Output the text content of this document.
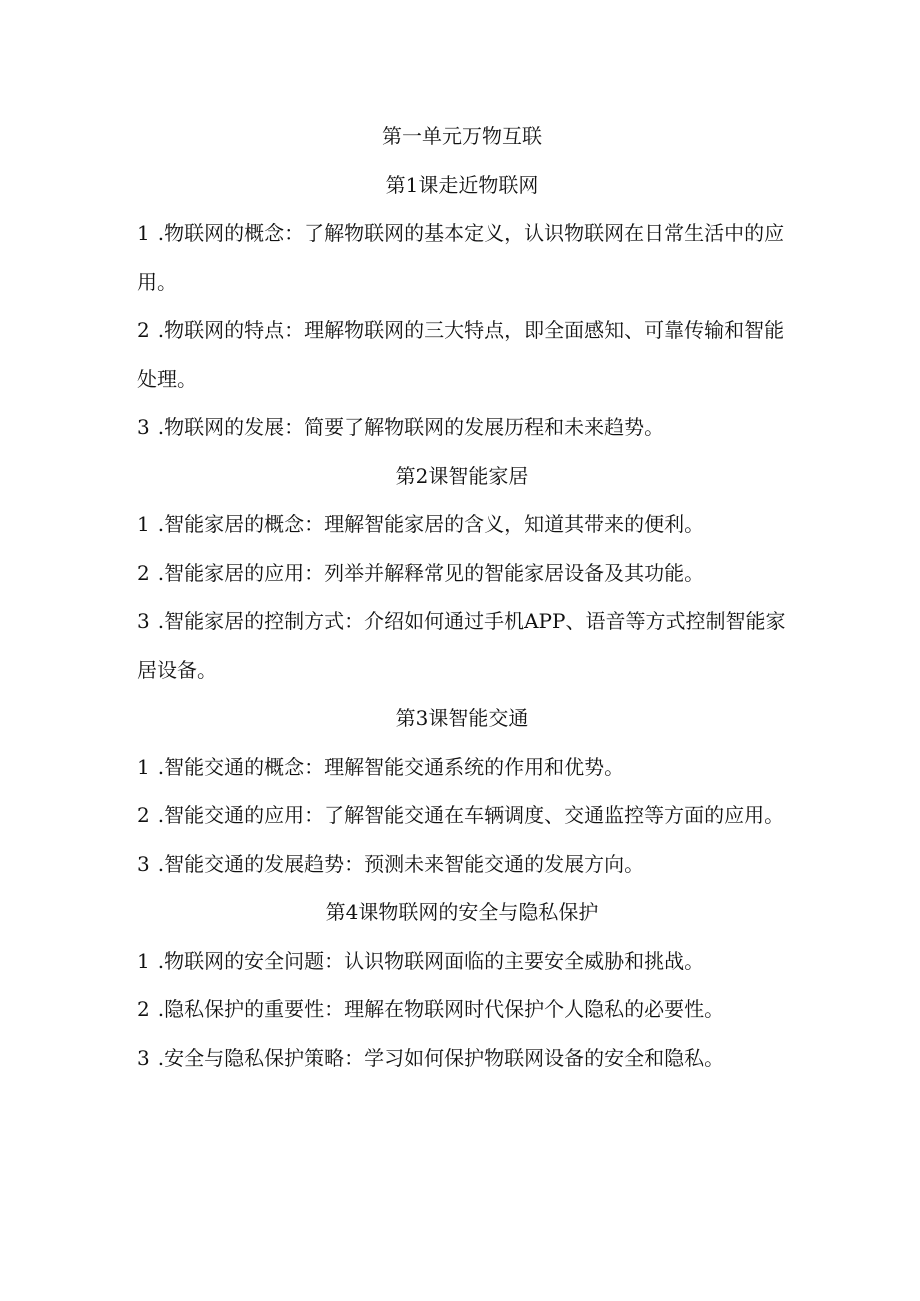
第一单元万物互联
第1课走近物联网
1 .物联网的概念：了解物联网的基本定义，认识物联网在日常生活中的应用。
2 .物联网的特点：理解物联网的三大特点，即全面感知、可靠传输和智能处理。
3 .物联网的发展：简要了解物联网的发展历程和未来趋势。
第2课智能家居
1 .智能家居的概念：理解智能家居的含义，知道其带来的便利。
2 .智能家居的应用：列举并解释常见的智能家居设备及其功能。
3 .智能家居的控制方式：介绍如何通过手机APP、语音等方式控制智能家居设备。
第3课智能交通
1 .智能交通的概念：理解智能交通系统的作用和优势。
2 .智能交通的应用：了解智能交通在车辆调度、交通监控等方面的应用。
3 .智能交通的发展趋势：预测未来智能交通的发展方向。
第4课物联网的安全与隐私保护
1 .物联网的安全问题：认识物联网面临的主要安全威胁和挑战。
2 .隐私保护的重要性：理解在物联网时代保护个人隐私的必要性。
3 .安全与隐私保护策略：学习如何保护物联网设备的安全和隐私。
